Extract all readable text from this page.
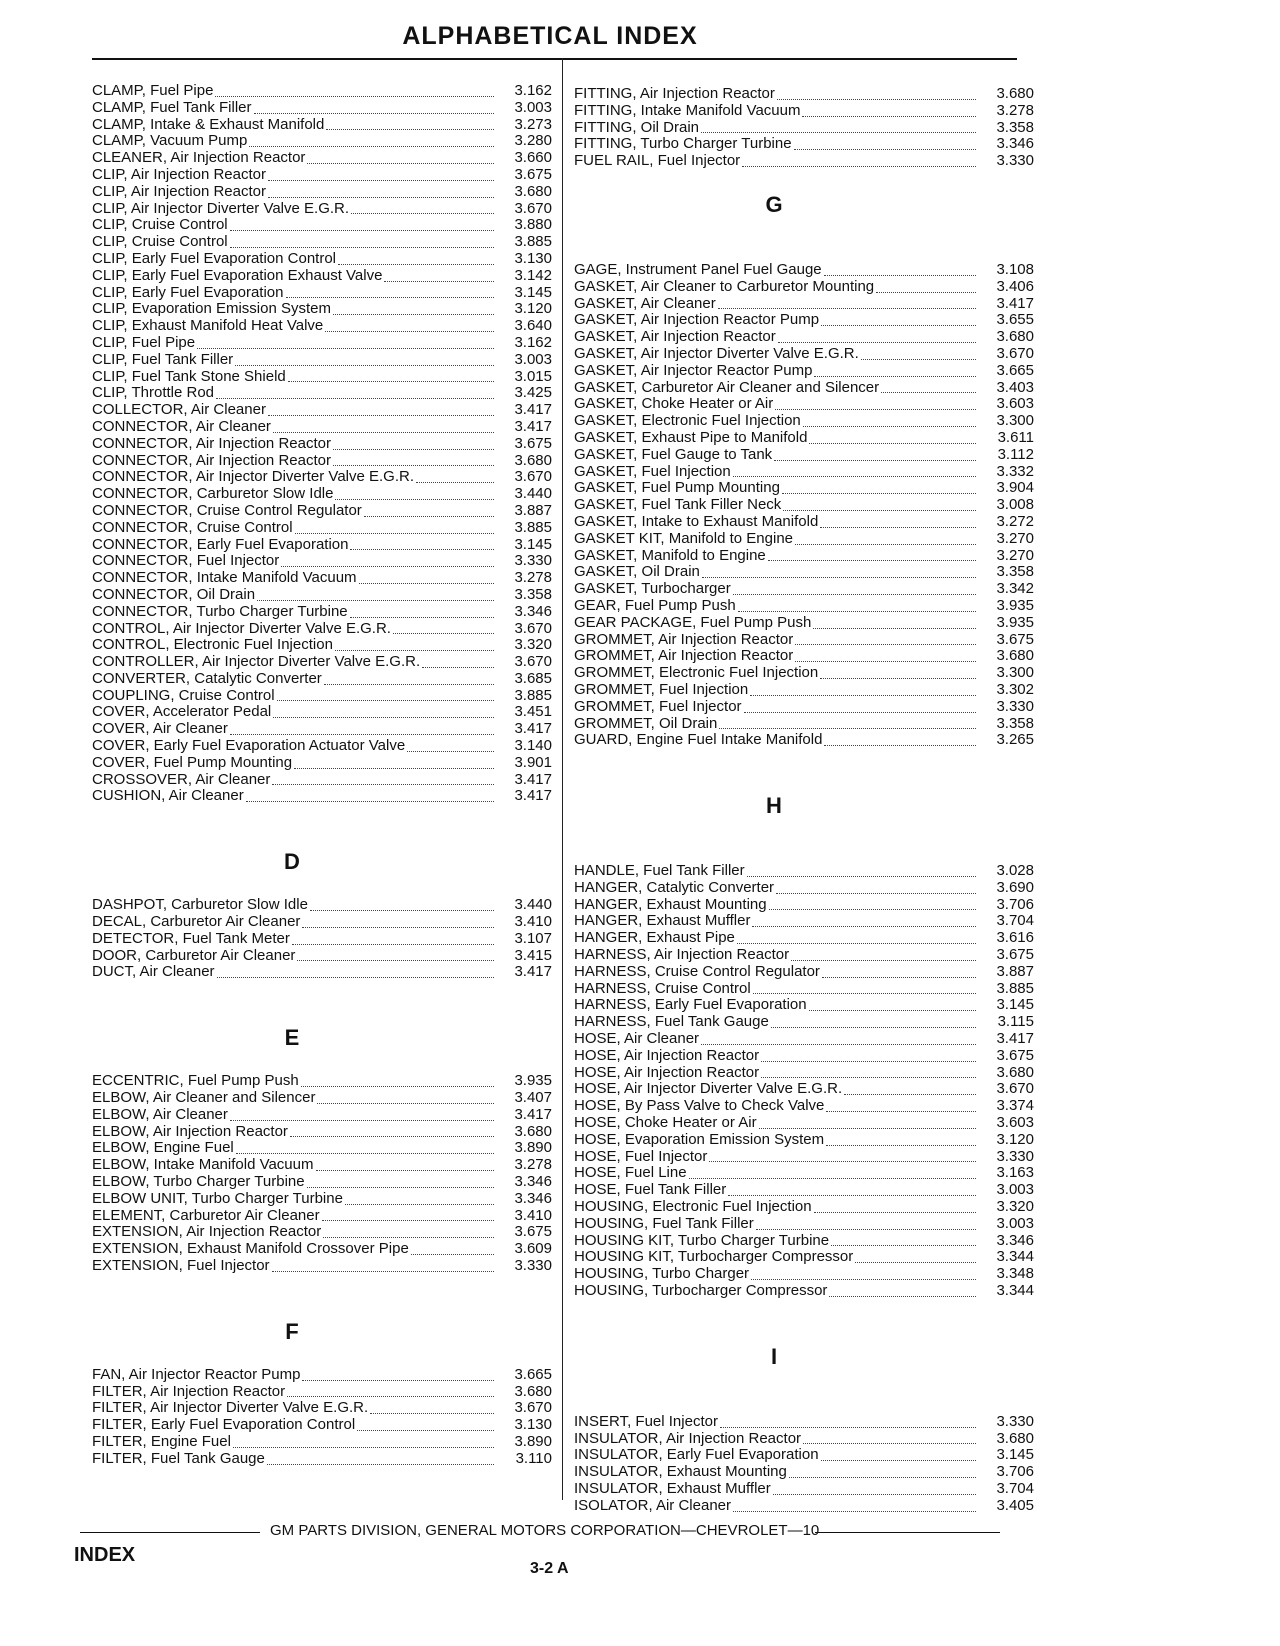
ALPHABETICAL INDEX
CLAMP, Fuel Pipe	3.162
CLAMP, Fuel Tank Filler	3.003
CLAMP, Intake & Exhaust Manifold	3.273
CLAMP, Vacuum Pump	3.280
CLEANER, Air Injection Reactor	3.660
CLIP, Air Injection Reactor	3.675
CLIP, Air Injection Reactor	3.680
CLIP, Air Injector Diverter Valve E.G.R.	3.670
CLIP, Cruise Control	3.880
CLIP, Cruise Control	3.885
CLIP, Early Fuel Evaporation Control	3.130
CLIP, Early Fuel Evaporation Exhaust Valve	3.142
CLIP, Early Fuel Evaporation	3.145
CLIP, Evaporation Emission System	3.120
CLIP, Exhaust Manifold Heat Valve	3.640
CLIP, Fuel Pipe	3.162
CLIP, Fuel Tank Filler	3.003
CLIP, Fuel Tank Stone Shield	3.015
CLIP, Throttle Rod	3.425
COLLECTOR, Air Cleaner	3.417
CONNECTOR, Air Cleaner	3.417
CONNECTOR, Air Injection Reactor	3.675
CONNECTOR, Air Injection Reactor	3.680
CONNECTOR, Air Injector Diverter Valve E.G.R.	3.670
CONNECTOR, Carburetor Slow Idle	3.440
CONNECTOR, Cruise Control Regulator	3.887
CONNECTOR, Cruise Control	3.885
CONNECTOR, Early Fuel Evaporation	3.145
CONNECTOR, Fuel Injector	3.330
CONNECTOR, Intake Manifold Vacuum	3.278
CONNECTOR, Oil Drain	3.358
CONNECTOR, Turbo Charger Turbine	3.346
CONTROL, Air Injector Diverter Valve E.G.R.	3.670
CONTROL, Electronic Fuel Injection	3.320
CONTROLLER, Air Injector Diverter Valve E.G.R.	3.670
CONVERTER, Catalytic Converter	3.685
COUPLING, Cruise Control	3.885
COVER, Accelerator Pedal	3.451
COVER, Air Cleaner	3.417
COVER, Early Fuel Evaporation Actuator Valve	3.140
COVER, Fuel Pump Mounting	3.901
CROSSOVER, Air Cleaner	3.417
CUSHION, Air Cleaner	3.417
D
DASHPOT, Carburetor Slow Idle	3.440
DECAL, Carburetor Air Cleaner	3.410
DETECTOR, Fuel Tank Meter	3.107
DOOR, Carburetor Air Cleaner	3.415
DUCT, Air Cleaner	3.417
E
ECCENTRIC, Fuel Pump Push	3.935
ELBOW, Air Cleaner and Silencer	3.407
ELBOW, Air Cleaner	3.417
ELBOW, Air Injection Reactor	3.680
ELBOW, Engine Fuel	3.890
ELBOW, Intake Manifold Vacuum	3.278
ELBOW, Turbo Charger Turbine	3.346
ELBOW UNIT, Turbo Charger Turbine	3.346
ELEMENT, Carburetor Air Cleaner	3.410
EXTENSION, Air Injection Reactor	3.675
EXTENSION, Exhaust Manifold Crossover Pipe	3.609
EXTENSION, Fuel Injector	3.330
F
FAN, Air Injector Reactor Pump	3.665
FILTER, Air Injection Reactor	3.680
FILTER, Air Injector Diverter Valve E.G.R.	3.670
FILTER, Early Fuel Evaporation Control	3.130
FILTER, Engine Fuel	3.890
FILTER, Fuel Tank Gauge	3.110
FITTING, Air Injection Reactor	3.680
FITTING, Intake Manifold Vacuum	3.278
FITTING, Oil Drain	3.358
FITTING, Turbo Charger Turbine	3.346
FUEL RAIL, Fuel Injector	3.330
G
GAGE, Instrument Panel Fuel Gauge	3.108
GASKET, Air Cleaner to Carburetor Mounting	3.406
GASKET, Air Cleaner	3.417
GASKET, Air Injection Reactor Pump	3.655
GASKET, Air Injection Reactor	3.680
GASKET, Air Injector Diverter Valve E.G.R.	3.670
GASKET, Air Injector Reactor Pump	3.665
GASKET, Carburetor Air Cleaner and Silencer	3.403
GASKET, Choke Heater or Air	3.603
GASKET, Electronic Fuel Injection	3.300
GASKET, Exhaust Pipe to Manifold	3.611
GASKET, Fuel Gauge to Tank	3.112
GASKET, Fuel Injection	3.332
GASKET, Fuel Pump Mounting	3.904
GASKET, Fuel Tank Filler Neck	3.008
GASKET, Intake to Exhaust Manifold	3.272
GASKET KIT, Manifold to Engine	3.270
GASKET, Manifold to Engine	3.270
GASKET, Oil Drain	3.358
GASKET, Turbocharger	3.342
GEAR, Fuel Pump Push	3.935
GEAR PACKAGE, Fuel Pump Push	3.935
GROMMET, Air Injection Reactor	3.675
GROMMET, Air Injection Reactor	3.680
GROMMET, Electronic Fuel Injection	3.300
GROMMET, Fuel Injection	3.302
GROMMET, Fuel Injector	3.330
GROMMET, Oil Drain	3.358
GUARD, Engine Fuel Intake Manifold	3.265
H
HANDLE, Fuel Tank Filler	3.028
HANGER, Catalytic Converter	3.690
HANGER, Exhaust Mounting	3.706
HANGER, Exhaust Muffler	3.704
HANGER, Exhaust Pipe	3.616
HARNESS, Air Injection Reactor	3.675
HARNESS, Cruise Control Regulator	3.887
HARNESS, Cruise Control	3.885
HARNESS, Early Fuel Evaporation	3.145
HARNESS, Fuel Tank Gauge	3.115
HOSE, Air Cleaner	3.417
HOSE, Air Injection Reactor	3.675
HOSE, Air Injection Reactor	3.680
HOSE, Air Injector Diverter Valve E.G.R.	3.670
HOSE, By Pass Valve to Check Valve	3.374
HOSE, Choke Heater or Air	3.603
HOSE, Evaporation Emission System	3.120
HOSE, Fuel Injector	3.330
HOSE, Fuel Line	3.163
HOSE, Fuel Tank Filler	3.003
HOUSING, Electronic Fuel Injection	3.320
HOUSING, Fuel Tank Filler	3.003
HOUSING KIT, Turbo Charger Turbine	3.346
HOUSING KIT, Turbocharger Compressor	3.344
HOUSING, Turbo Charger	3.348
HOUSING, Turbocharger Compressor	3.344
I
INSERT, Fuel Injector	3.330
INSULATOR, Air Injection Reactor	3.680
INSULATOR, Early Fuel Evaporation	3.145
INSULATOR, Exhaust Mounting	3.706
INSULATOR, Exhaust Muffler	3.704
ISOLATOR, Air Cleaner	3.405
GM PARTS DIVISION, GENERAL MOTORS CORPORATION—CHEVROLET—10
INDEX
3-2 A
